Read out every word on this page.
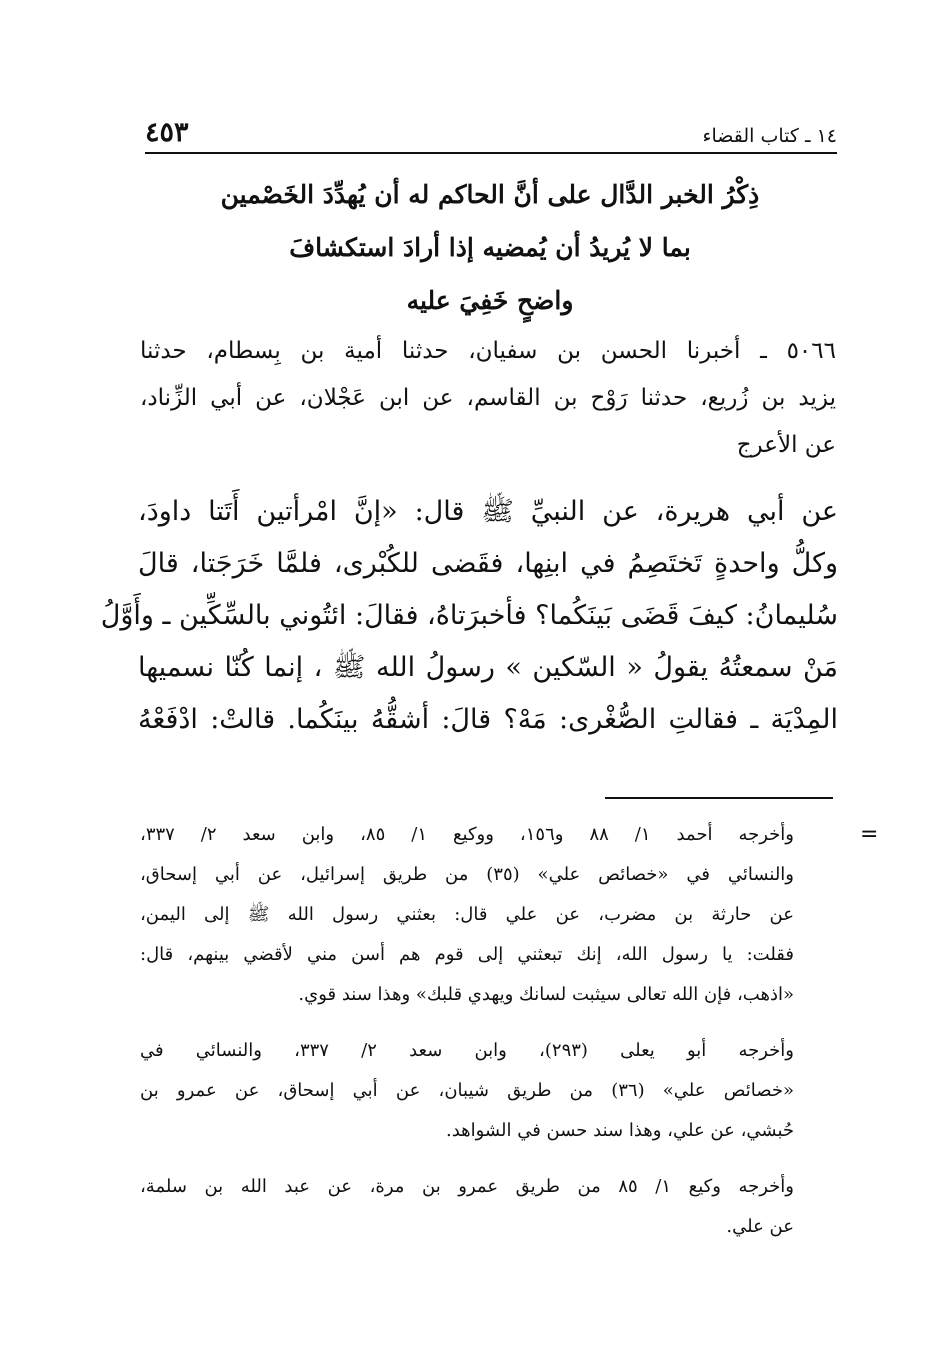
١٤ ـ كتاب القضاء
٤٥٣
ذِكْرُ الخبر الدَّال على أنَّ الحاكم له أن يُهدِّدَ الخَصْمين
بما لا يُريدُ أن يُمضيه إذا أرادَ استكشافَ
واضحٍ خَفِيَ عليه
٥٠٦٦ ـ أخبرنا الحسن بن سفيان، حدثنا أمية بن بِسطام، حدثنا
يزيد بن زُريع، حدثنا رَوْح بن القاسم، عن ابن عَجْلان، عن أبي الزِّناد،
عن الأعرج
عن أبي هريرة، عن النبيِّ ﷺ قال: «إنَّ امْرأتين أَتَتا داودَ،
وكلُّ واحدةٍ تَختَصِمُ في ابنِها، فقَضى للكُبْرى، فلمَّا خَرَجَتا، قالَ
سُليمانُ: كيفَ قَضَى بَينَكُما؟ فأخبرَتاهُ، فقالَ: ائتُوني بالسِّكِّين ـ وأَوَّلُ
مَنْ سمعتُهُ يقولُ « السّكين » رسولُ الله ﷺ ، إنما كُنّا نسميها
المِدْيَة ـ فقالتِ الصُّغْرى: مَهْ؟ قالَ: أشقُّهُ بينَكُما. قالتْ: ادْفَعْهُ
=
وأخرجه أحمد ١/ ٨٨ و١٥٦، ووكيع ١/ ٨٥، وابن سعد ٢/ ٣٣٧،
والنسائي في «خصائص علي» (٣٥) من طريق إسرائيل، عن أبي إسحاق،
عن حارثة بن مضرب، عن علي قال: بعثني رسول الله ﷺ إلى اليمن،
فقلت: يا رسول الله، إنك تبعثني إلى قوم هم أسن مني لأقضي بينهم، قال:
«اذهب، فإن الله تعالى سيثبت لسانك ويهدي قلبك» وهذا سند قوي.
وأخرجه أبو يعلى (٢٩٣)، وابن سعد ٢/ ٣٣٧، والنسائي في
«خصائص علي» (٣٦) من طريق شيبان، عن أبي إسحاق، عن عمرو بن
حُبشي، عن علي، وهذا سند حسن في الشواهد.
وأخرجه وكيع ١/ ٨٥ من طريق عمرو بن مرة، عن عبد الله بن سلمة،
عن علي.
